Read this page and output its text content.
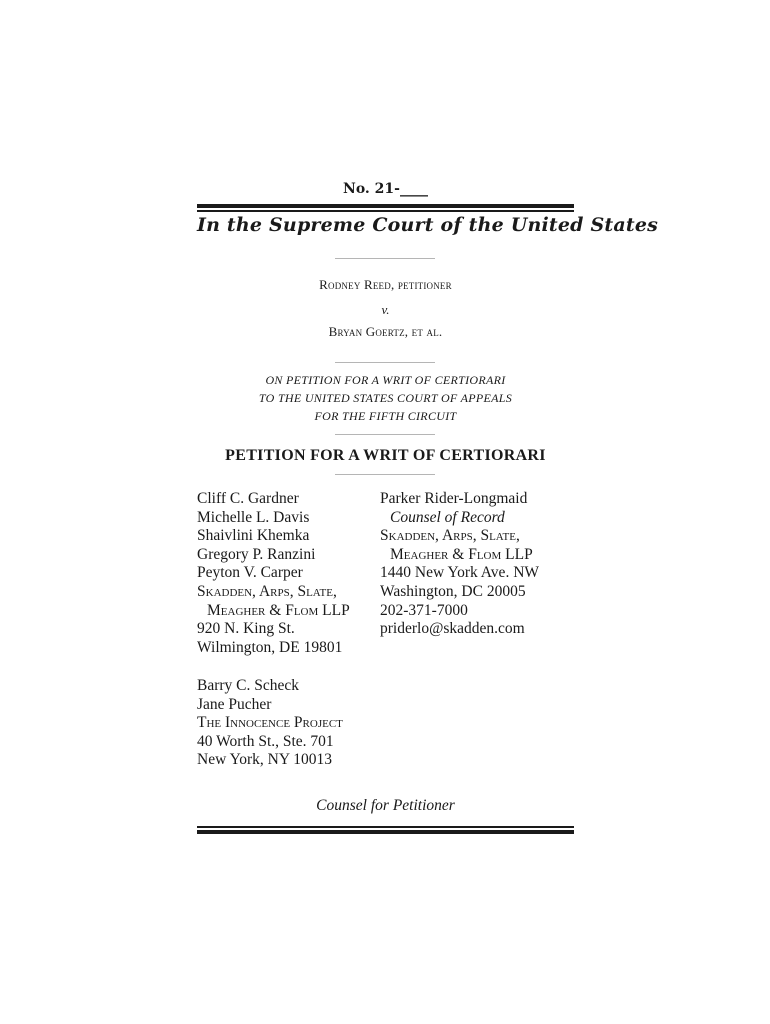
No. 21-____
In the Supreme Court of the United States
Rodney Reed, petitioner
v.
Bryan Goertz, et al.
ON PETITION FOR A WRIT OF CERTIORARI
TO THE UNITED STATES COURT OF APPEALS
FOR THE FIFTH CIRCUIT
PETITION FOR A WRIT OF CERTIORARI
Cliff C. Gardner
Michelle L. Davis
Shaivlini Khemka
Gregory P. Ranzini
Peyton V. Carper
Skadden, Arps, Slate,
Meagher & Flom LLP
920 N. King St.
Wilmington, DE 19801
Parker Rider-Longmaid
Counsel of Record
Skadden, Arps, Slate,
Meagher & Flom LLP
1440 New York Ave. NW
Washington, DC 20005
202-371-7000
priderlo@skadden.com
Barry C. Scheck
Jane Pucher
The Innocence Project
40 Worth St., Ste. 701
New York, NY 10013
Counsel for Petitioner
